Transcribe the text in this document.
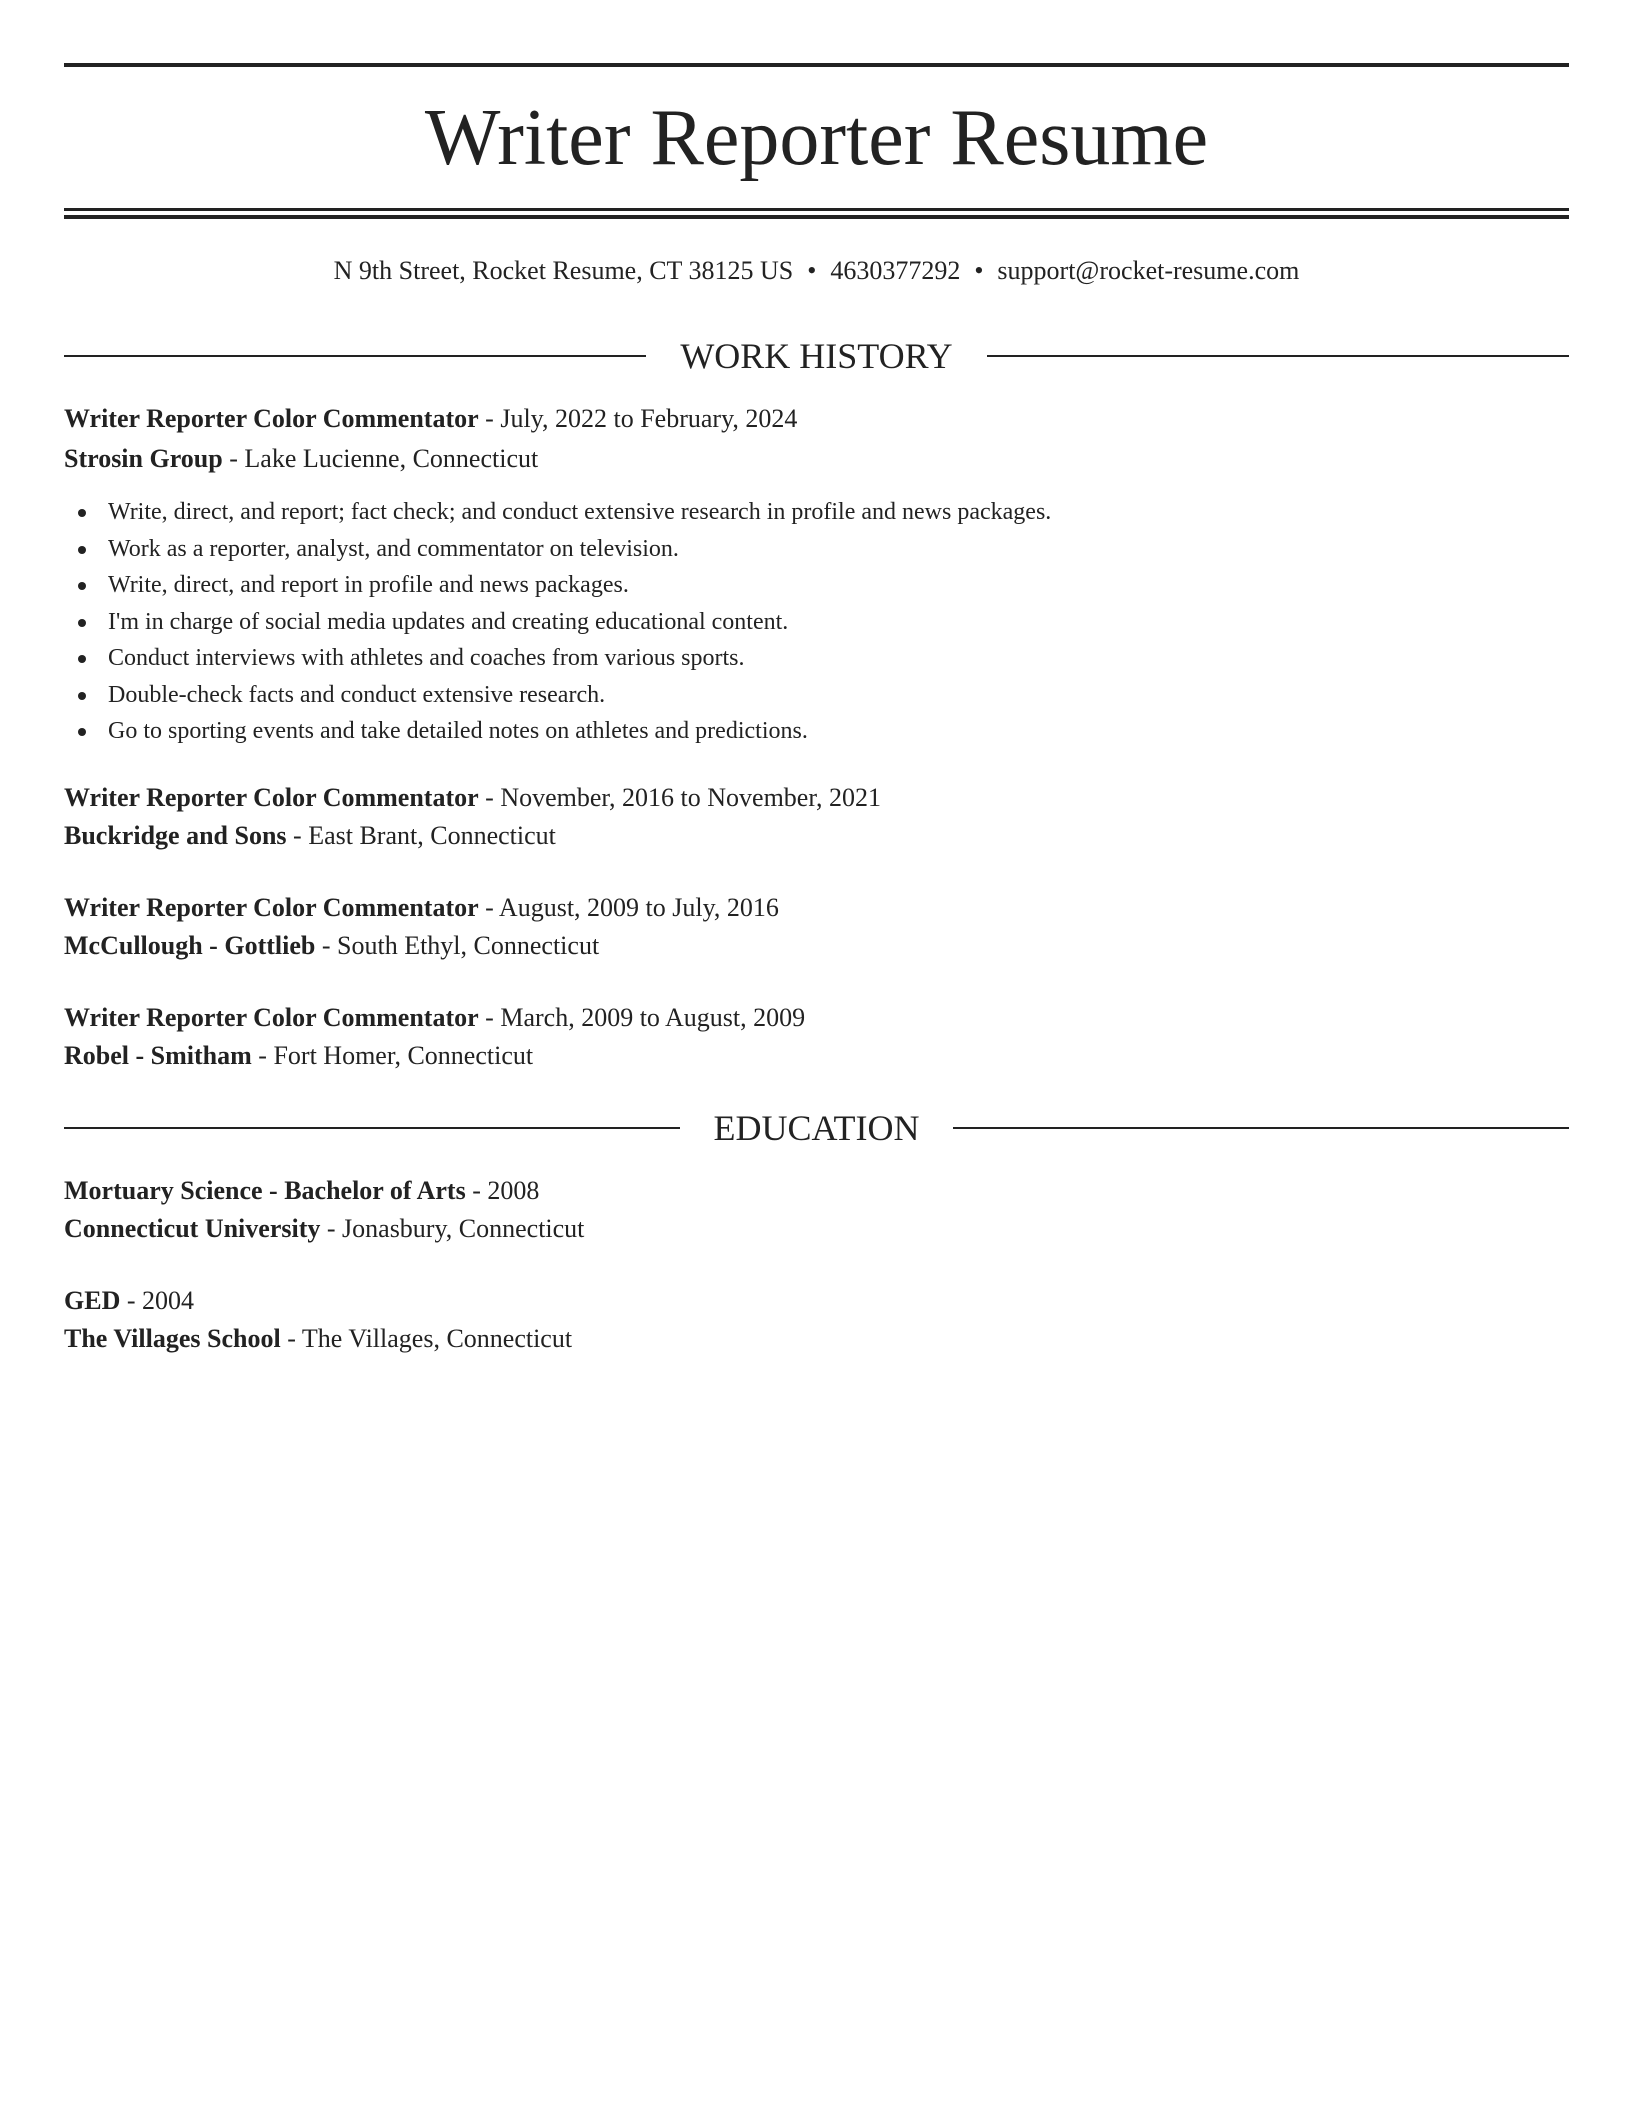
Writer Reporter Resume
N 9th Street, Rocket Resume, CT 38125 US • 4630377292 • support@rocket-resume.com
WORK HISTORY
Writer Reporter Color Commentator - July, 2022 to February, 2024
Strosin Group - Lake Lucienne, Connecticut
Write, direct, and report; fact check; and conduct extensive research in profile and news packages.
Work as a reporter, analyst, and commentator on television.
Write, direct, and report in profile and news packages.
I'm in charge of social media updates and creating educational content.
Conduct interviews with athletes and coaches from various sports.
Double-check facts and conduct extensive research.
Go to sporting events and take detailed notes on athletes and predictions.
Writer Reporter Color Commentator - November, 2016 to November, 2021
Buckridge and Sons - East Brant, Connecticut
Writer Reporter Color Commentator - August, 2009 to July, 2016
McCullough - Gottlieb - South Ethyl, Connecticut
Writer Reporter Color Commentator - March, 2009 to August, 2009
Robel - Smitham - Fort Homer, Connecticut
EDUCATION
Mortuary Science - Bachelor of Arts - 2008
Connecticut University - Jonasbury, Connecticut
GED - 2004
The Villages School - The Villages, Connecticut
